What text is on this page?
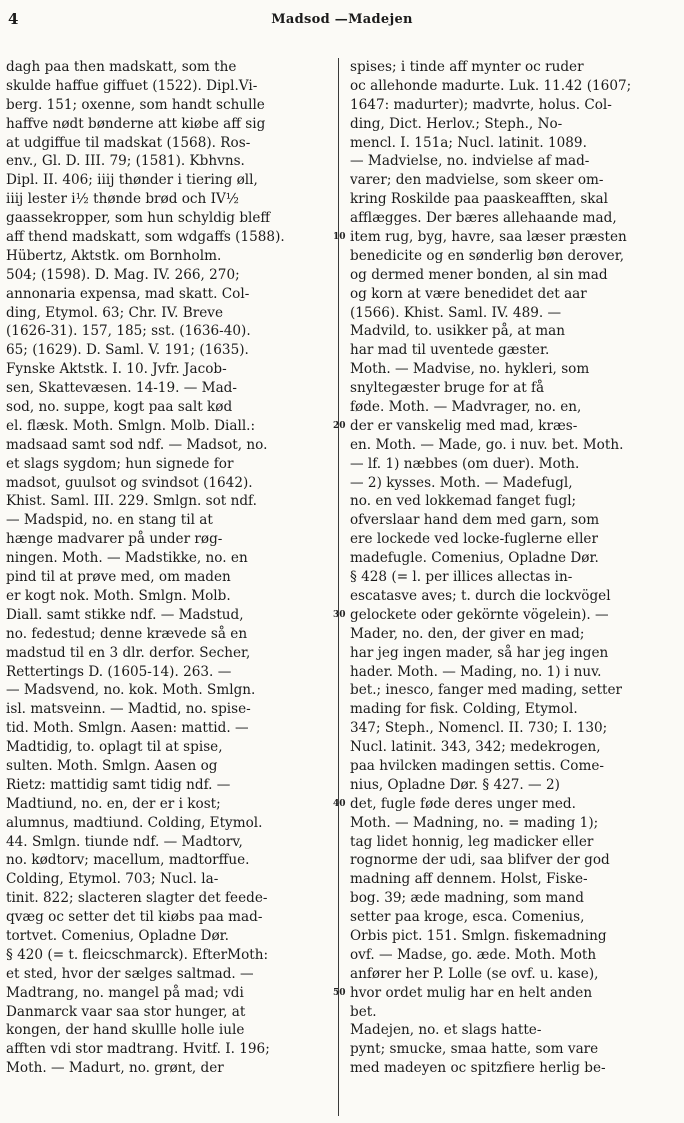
4	Madsod —Madejen
dagh paa then madskatt, som the
skulde haffue giffuet (1522). Dipl.Vi-
berg. 151; oxenne, som handt schulle
haffve nødt bønderne att kiøbe aff sig
at udgiffue til madskat (1568). Ros-
env., Gl. D. III. 79; (1581). Kbhvns.
Dipl. II. 406; iiij thønder i tiering øll,
iiij lester i½ thønde brød och IV½
gaassekropper, som hun schyldig bleff
aff thend madskatt, som wdgaffs (1588).
Hübertz, Aktstk. om Bornholm.
504; (1598). D. Mag. IV. 266, 270;
annonaria expensa, mad skatt. Col-
ding, Etymol. 63; Chr. IV. Breve
(1626-31). 157, 185; sst. (1636-40).
65; (1629). D. Saml. V. 191; (1635).
Fynske Aktstk. I. 10. Jvfr. Jacob-
sen, Skattevæsen. 14-19. — Mad-
sod, no. suppe, kogt paa salt kød
el. flæsk. Moth. Smlgn. Molb. Diall.:
madsaad samt sod ndf. — Madsot, no.
et slags sygdom; hun signede for
madsot, guulsot og svindsot (1642).
Khist. Saml. III. 229. Smlgn. sot ndf.
— Madspid, no. en stang til at
hænge madvarer på under røg-
ningen. Moth. — Madstikke, no. en
pind til at prøve med, om maden
er kogt nok. Moth. Smlgn. Molb.
Diall. samt stikke ndf. — Madstud,
no. fedestud; denne krævede så en
madstud til en 3 dlr. derfor. Secher,
Rettertings D. (1605-14). 263. —
— Madsvend, no. kok. Moth. Smlgn.
isl. matsveinn. — Madtid, no. spise-
tid. Moth. Smlgn. Aasen: mattid. —
Madtidig, to. oplagt til at spise,
sulten. Moth. Smlgn. Aasen og
Rietz: mattidig samt tidig ndf. —
Madtiund, no. en, der er i kost;
alumnus, madtiund. Colding, Etymol.
44. Smlgn. tiunde ndf. — Madtorv,
no. kødtorv; macellum, madtorffue.
Colding, Etymol. 703; Nucl. la-
tinit. 822; slacteren slagter det feede-
qvæg oc setter det til kiøbs paa mad-
tortvet. Comenius, Opladne Dør.
§ 420 (= t. fleicschmarck). EfterMoth:
et sted, hvor der sælges saltmad. —
Madtrang, no. mangel på mad; vdi
Danmarck vaar saa stor hunger, at
kongen, der hand skullle holle iule
afften vdi stor madtrang. Hvitf. I. 196;
Moth. — Madurt, no. grønt, der
spises; i tinde aff mynter oc ruder
oc allehonde madurte. Luk. 11.42 (1607;
1647: madurter); madvrte, holus. Col-
ding, Dict. Herlov.; Steph., No-
mencl. I. 151a; Nucl. latinit. 1089.
— Madvielse, no. indvielse af mad-
varer; den madvielse, som skeer om-
kring Roskilde paa paaskeafften, skal
afflægges. Der bæres allehaande mad,
item rug, byg, havre, saa læser præsten
benedicite og en sønderlig bøn derover,
og dermed mener bonden, al sin mad
og korn at være benedidet det aar
(1566). Khist. Saml. IV. 489. —
Madvild, to. usikker på, at man
har mad til uventede gæster.
Moth. — Madvise, no. hykleri, som
snyltegæster bruge for at få
føde. Moth. — Madvrager, no. en,
der er vanskelig med mad, kræs-
en. Moth. — Made, go. i nuv. bet. Moth.
— lf. 1) næbbes (om duer). Moth.
— 2) kysses. Moth. — Madefugl,
no. en ved lokkemad fanget fugl;
ofverslaar hand dem med garn, som
ere lockede ved locke-fuglerne eller
madefugle. Comenius, Opladne Dør.
§ 428 (= l. per illices allectas in-
escatasve aves; t. durch die lockvögel
gelockete oder gekörnte vögelein). —
Mader, no. den, der giver en mad;
har jeg ingen mader, så har jeg ingen
hader. Moth. — Mading, no. 1) i nuv.
bet.; inesco, fanger med mading, setter
mading for fisk. Colding, Etymol.
347; Steph., Nomencl. II. 730; I. 130;
Nucl. latinit. 343, 342; medekrogen,
paa hvilcken madingen settis. Come-
nius, Opladne Dør. § 427. — 2)
det, fugle føde deres unger med.
Moth. — Madning, no. = mading 1);
tag lidet honnig, leg madicker eller
rognorme der udi, saa blifver der god
madning aff dennem. Holst, Fiske-
bog. 39; æde madning, som mand
setter paa kroge, esca. Comenius,
Orbis pict. 151. Smlgn. fiskemadning
ovf. — Madse, go. æde. Moth. Moth
anfører her P. Lolle (se ovf. u. kase),
hvor ordet mulig har en helt anden
bet.
Madejen, no. et slags hatte-
pynt; smucke, smaa hatte, som vare
med madeyen oc spitzfiere herlig be-
10
20
30
40
50
